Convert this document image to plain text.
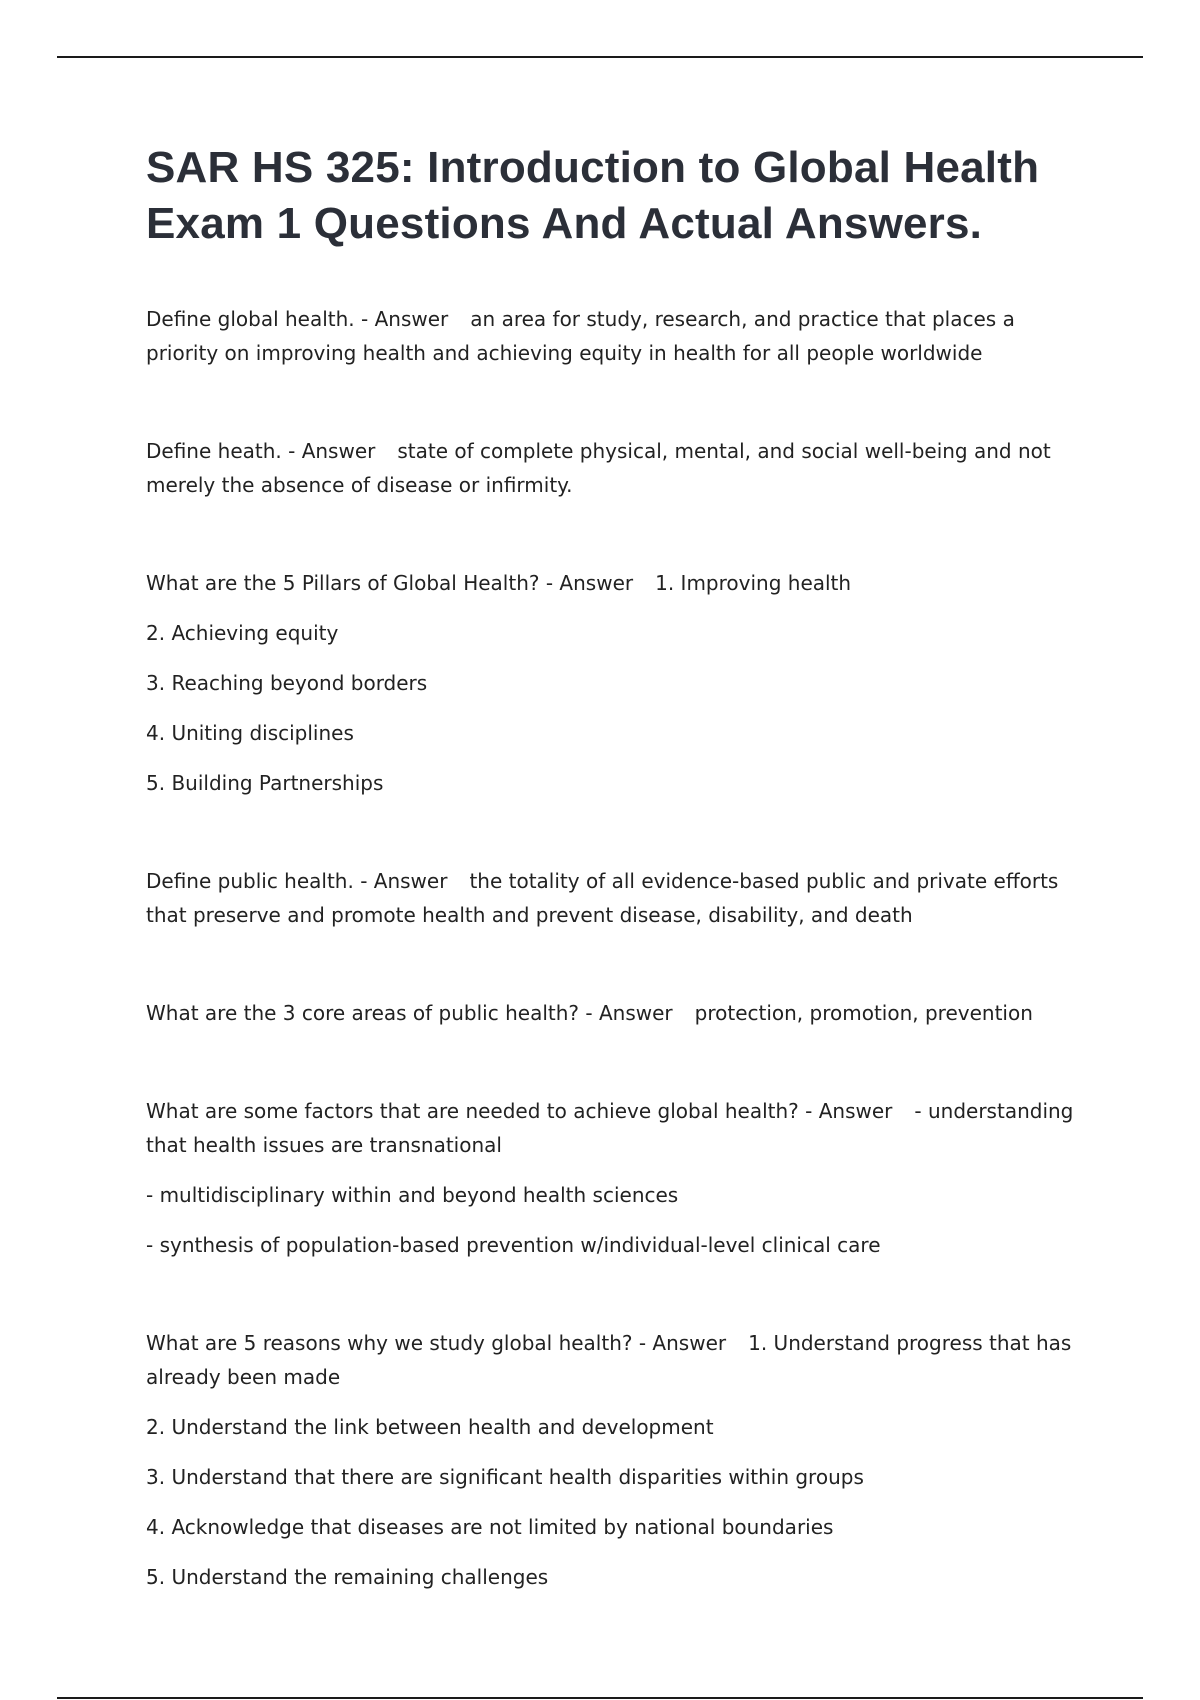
SAR HS 325: Introduction to Global Health Exam 1 Questions And Actual Answers.

Define global health. - Answer an area for study, research, and practice that places a priority on improving health and achieving equity in health for all people worldwide

Define heath. - Answer state of complete physical, mental, and social well-being and not merely the absence of disease or infirmity.

What are the 5 Pillars of Global Health? - Answer 1. Improving health

2. Achieving equity

3. Reaching beyond borders

4. Uniting disciplines

5. Building Partnerships

Define public health. - Answer the totality of all evidence-based public and private efforts that preserve and promote health and prevent disease, disability, and death

What are the 3 core areas of public health? - Answer protection, promotion, prevention

What are some factors that are needed to achieve global health? - Answer - understanding that health issues are transnational

- multidisciplinary within and beyond health sciences

- synthesis of population-based prevention w/individual-level clinical care

What are 5 reasons why we study global health? - Answer 1. Understand progress that has already been made

2. Understand the link between health and development

3. Understand that there are significant health disparities within groups

4. Acknowledge that diseases are not limited by national boundaries

5. Understand the remaining challenges
